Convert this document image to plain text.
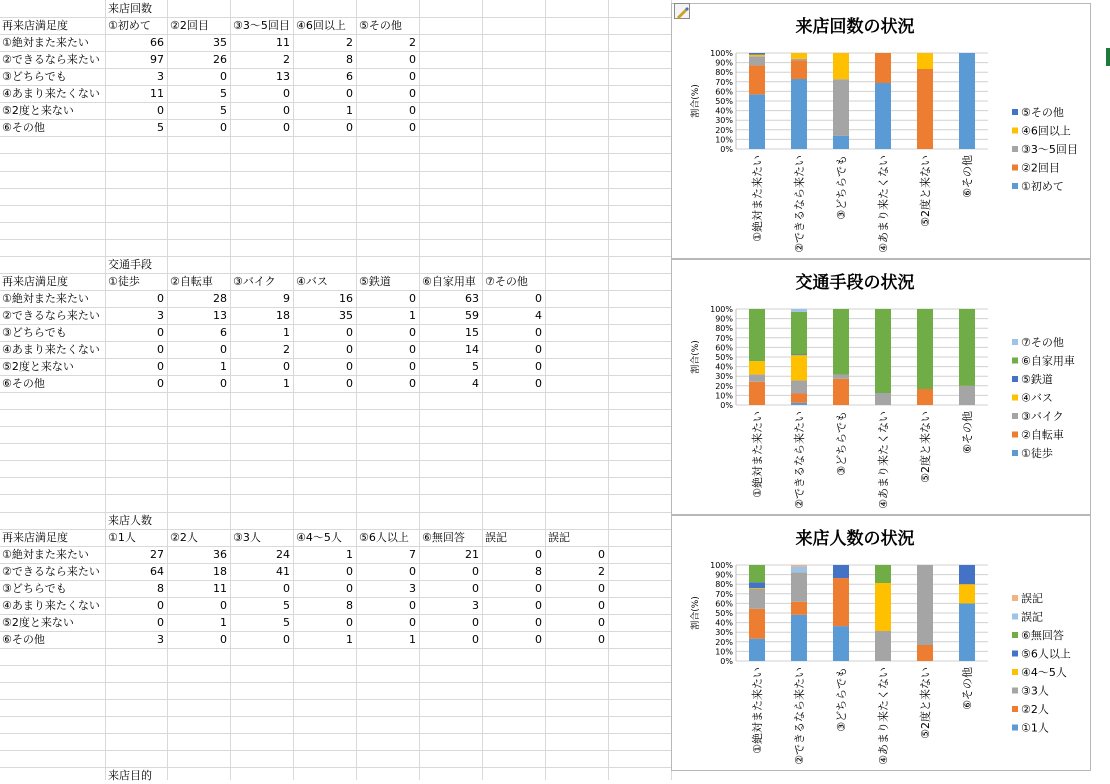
来店回数
再来店満足度	①初めて ②2回目 ③3～5回目 ④6回以上 ⑤その他
①絶対また来たい	66	35	11	2	2
②できるなら来たい	97	26	2	8	0
③どちらでも	3	0	13	6	0
④あまり来たくない	11	5	0	0	0
⑤2度と来ない	0	5	0	1	0
⑥その他	5	0	0	0	0
交通手段
再来店満足度	①徒歩	②自転車 ③バイク ④バス	⑤鉄道	⑥自家用車 ⑦その他
①絶対また来たい	0	28	9	16	0	63	0
②できるなら来たい	3	13	18	35	1	59	4
③どちらでも	0	6	1	0	0	15	0
④あまり来たくない	0	0	2	0	0	14	0
⑤2度と来ない	0	1	0	0	0	5	0
⑥その他	0	0	1	0	0	4	0
来店人数
再来店満足度	①1人	②2人	③3人	④4～5人 ⑤6人以上 ⑥無回答 誤記	誤記
①絶対また来たい	27	36	24	1	7	21	0	0
②できるなら来たい	64	18	41	0	0	0	8	2
③どちらでも	8	11	0	0	3	0	0	0
④あまり来たくない	0	0	5	8	0	3	0	0
⑤2度と来ない	0	1	5	0	0	0	0	0
⑥その他	3	0	0	1	1	0	0	0
来店目的
来店回数の状況
割合(%)
0%
10%
20%
30%
40%
50%
60%
70%
80%
90%
100%
①絶対また来たい	②できるなら来たい	③どちらでも	④あまり来たくない	⑤2度と来ない	⑥その他
⑤その他
④6回以上
③3～5回目
②2回目
①初めて
交通手段の状況
割合(%)
0%
10%
20%
30%
40%
50%
60%
70%
80%
90%
100%
①絶対また来たい	②できるなら来たい	③どちらでも	④あまり来たくない	⑤2度と来ない	⑥その他
⑦その他
⑥自家用車
⑤鉄道
④バス
③バイク
②自転車
①徒歩
来店人数の状況
割合(%)
0%
10%
20%
30%
40%
50%
60%
70%
80%
90%
100%
①絶対また来たい	②できるなら来たい	③どちらでも	④あまり来たくない	⑤2度と来ない	⑥その他
誤記
誤記
⑥無回答
⑤6人以上
④4～5人
③3人
②2人
①1人
